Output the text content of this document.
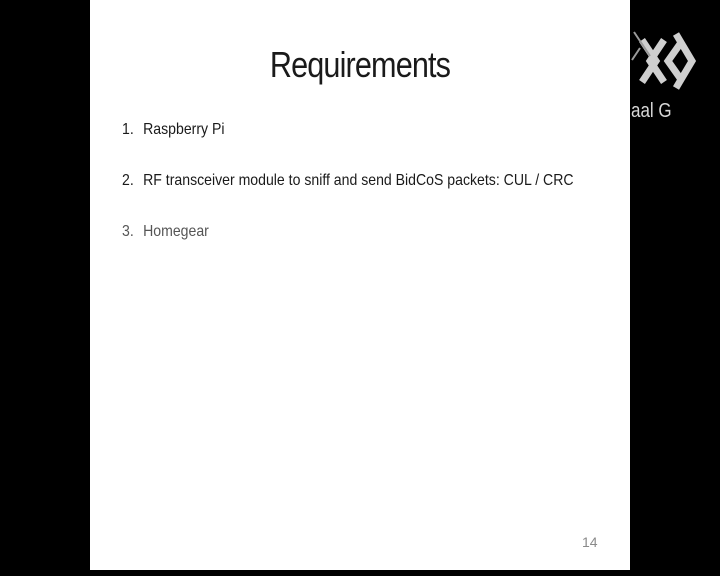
Requirements
1. Raspberry Pi
2. RF transceiver module to sniff and send BidCoS packets: CUL / CRC
3. Homegear
14
aal G
